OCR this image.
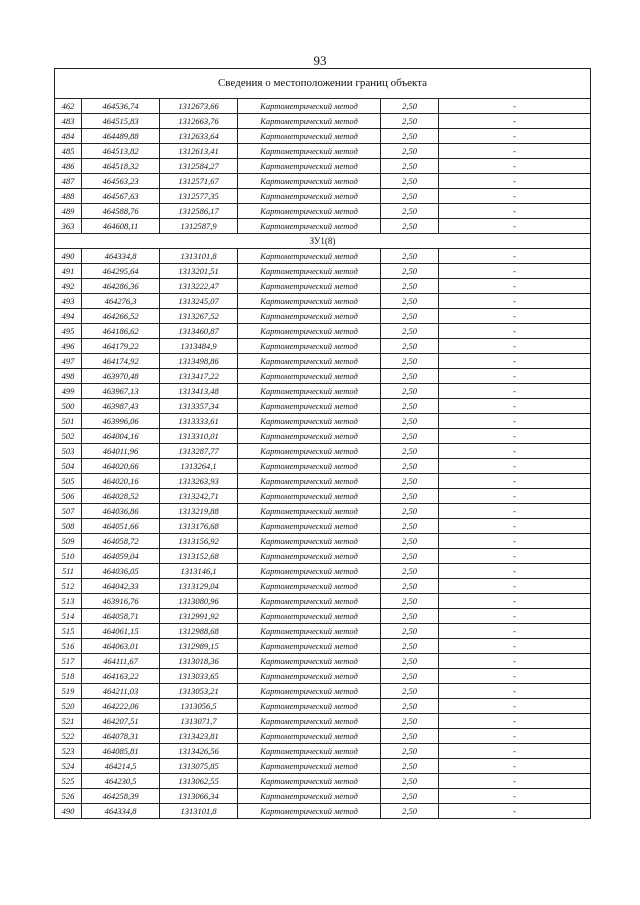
93
Сведения о местоположении границ объекта					
462	464536,74	1312673,66	Картометрический метод	2,50	-
483	464515,83	1312663,76	Картометрический метод	2,50	-
484	464489,88	1312633,64	Картометрический метод	2,50	-
485	464513,82	1312613,41	Картометрический метод	2,50	-
486	464518,32	1312584,27	Картометрический метод	2,50	-
487	464563,23	1312571,67	Картометрический метод	2,50	-
488	464567,63	1312577,35	Картометрический метод	2,50	-
489	464588,76	1312586,17	Картометрический метод	2,50	-
363	464608,11	1312587,9	Картометрический метод	2,50	-
ЗУ1(8)					
490	464334,8	1313101,8	Картометрический метод	2,50	-
491	464295,64	1313201,51	Картометрический метод	2,50	-
492	464286,36	1313222,47	Картометрический метод	2,50	-
493	464276,3	1313245,07	Картометрический метод	2,50	-
494	464266,52	1313267,52	Картометрический метод	2,50	-
495	464186,62	1313460,87	Картометрический метод	2,50	-
496	464179,22	1313484,9	Картометрический метод	2,50	-
497	464174,92	1313498,86	Картометрический метод	2,50	-
498	463970,48	1313417,22	Картометрический метод	2,50	-
499	463967,13	1313413,48	Картометрический метод	2,50	-
500	463987,43	1313357,34	Картометрический метод	2,50	-
501	463996,06	1313333,61	Картометрический метод	2,50	-
502	464004,16	1313310,01	Картометрический метод	2,50	-
503	464011,96	1313287,77	Картометрический метод	2,50	-
504	464020,66	1313264,1	Картометрический метод	2,50	-
505	464020,16	1313263,93	Картометрический метод	2,50	-
506	464028,52	1313242,71	Картометрический метод	2,50	-
507	464036,86	1313219,88	Картометрический метод	2,50	-
508	464051,66	1313176,68	Картометрический метод	2,50	-
509	464058,72	1313156,92	Картометрический метод	2,50	-
510	464059,04	1313152,68	Картометрический метод	2,50	-
511	464036,05	1313146,1	Картометрический метод	2,50	-
512	464042,33	1313129,04	Картометрический метод	2,50	-
513	463916,76	1313080,96	Картометрический метод	2,50	-
514	464058,71	1312991,92	Картометрический метод	2,50	-
515	464061,15	1312988,68	Картометрический метод	2,50	-
516	464063,01	1312989,15	Картометрический метод	2,50	-
517	464111,67	1313018,36	Картометрический метод	2,50	-
518	464163,22	1313033,65	Картометрический метод	2,50	-
519	464211,03	1313053,21	Картометрический метод	2,50	-
520	464222,06	1313056,5	Картометрический метод	2,50	-
521	464207,51	1313071,7	Картометрический метод	2,50	-
522	464078,31	1313423,81	Картометрический метод	2,50	-
523	464085,81	1313426,56	Картометрический метод	2,50	-
524	464214,5	1313075,85	Картометрический метод	2,50	-
525	464230,5	1313062,55	Картометрический метод	2,50	-
526	464258,39	1313066,34	Картометрический метод	2,50	-
490	464334,8	1313101,8	Картометрический метод	2,50	-
